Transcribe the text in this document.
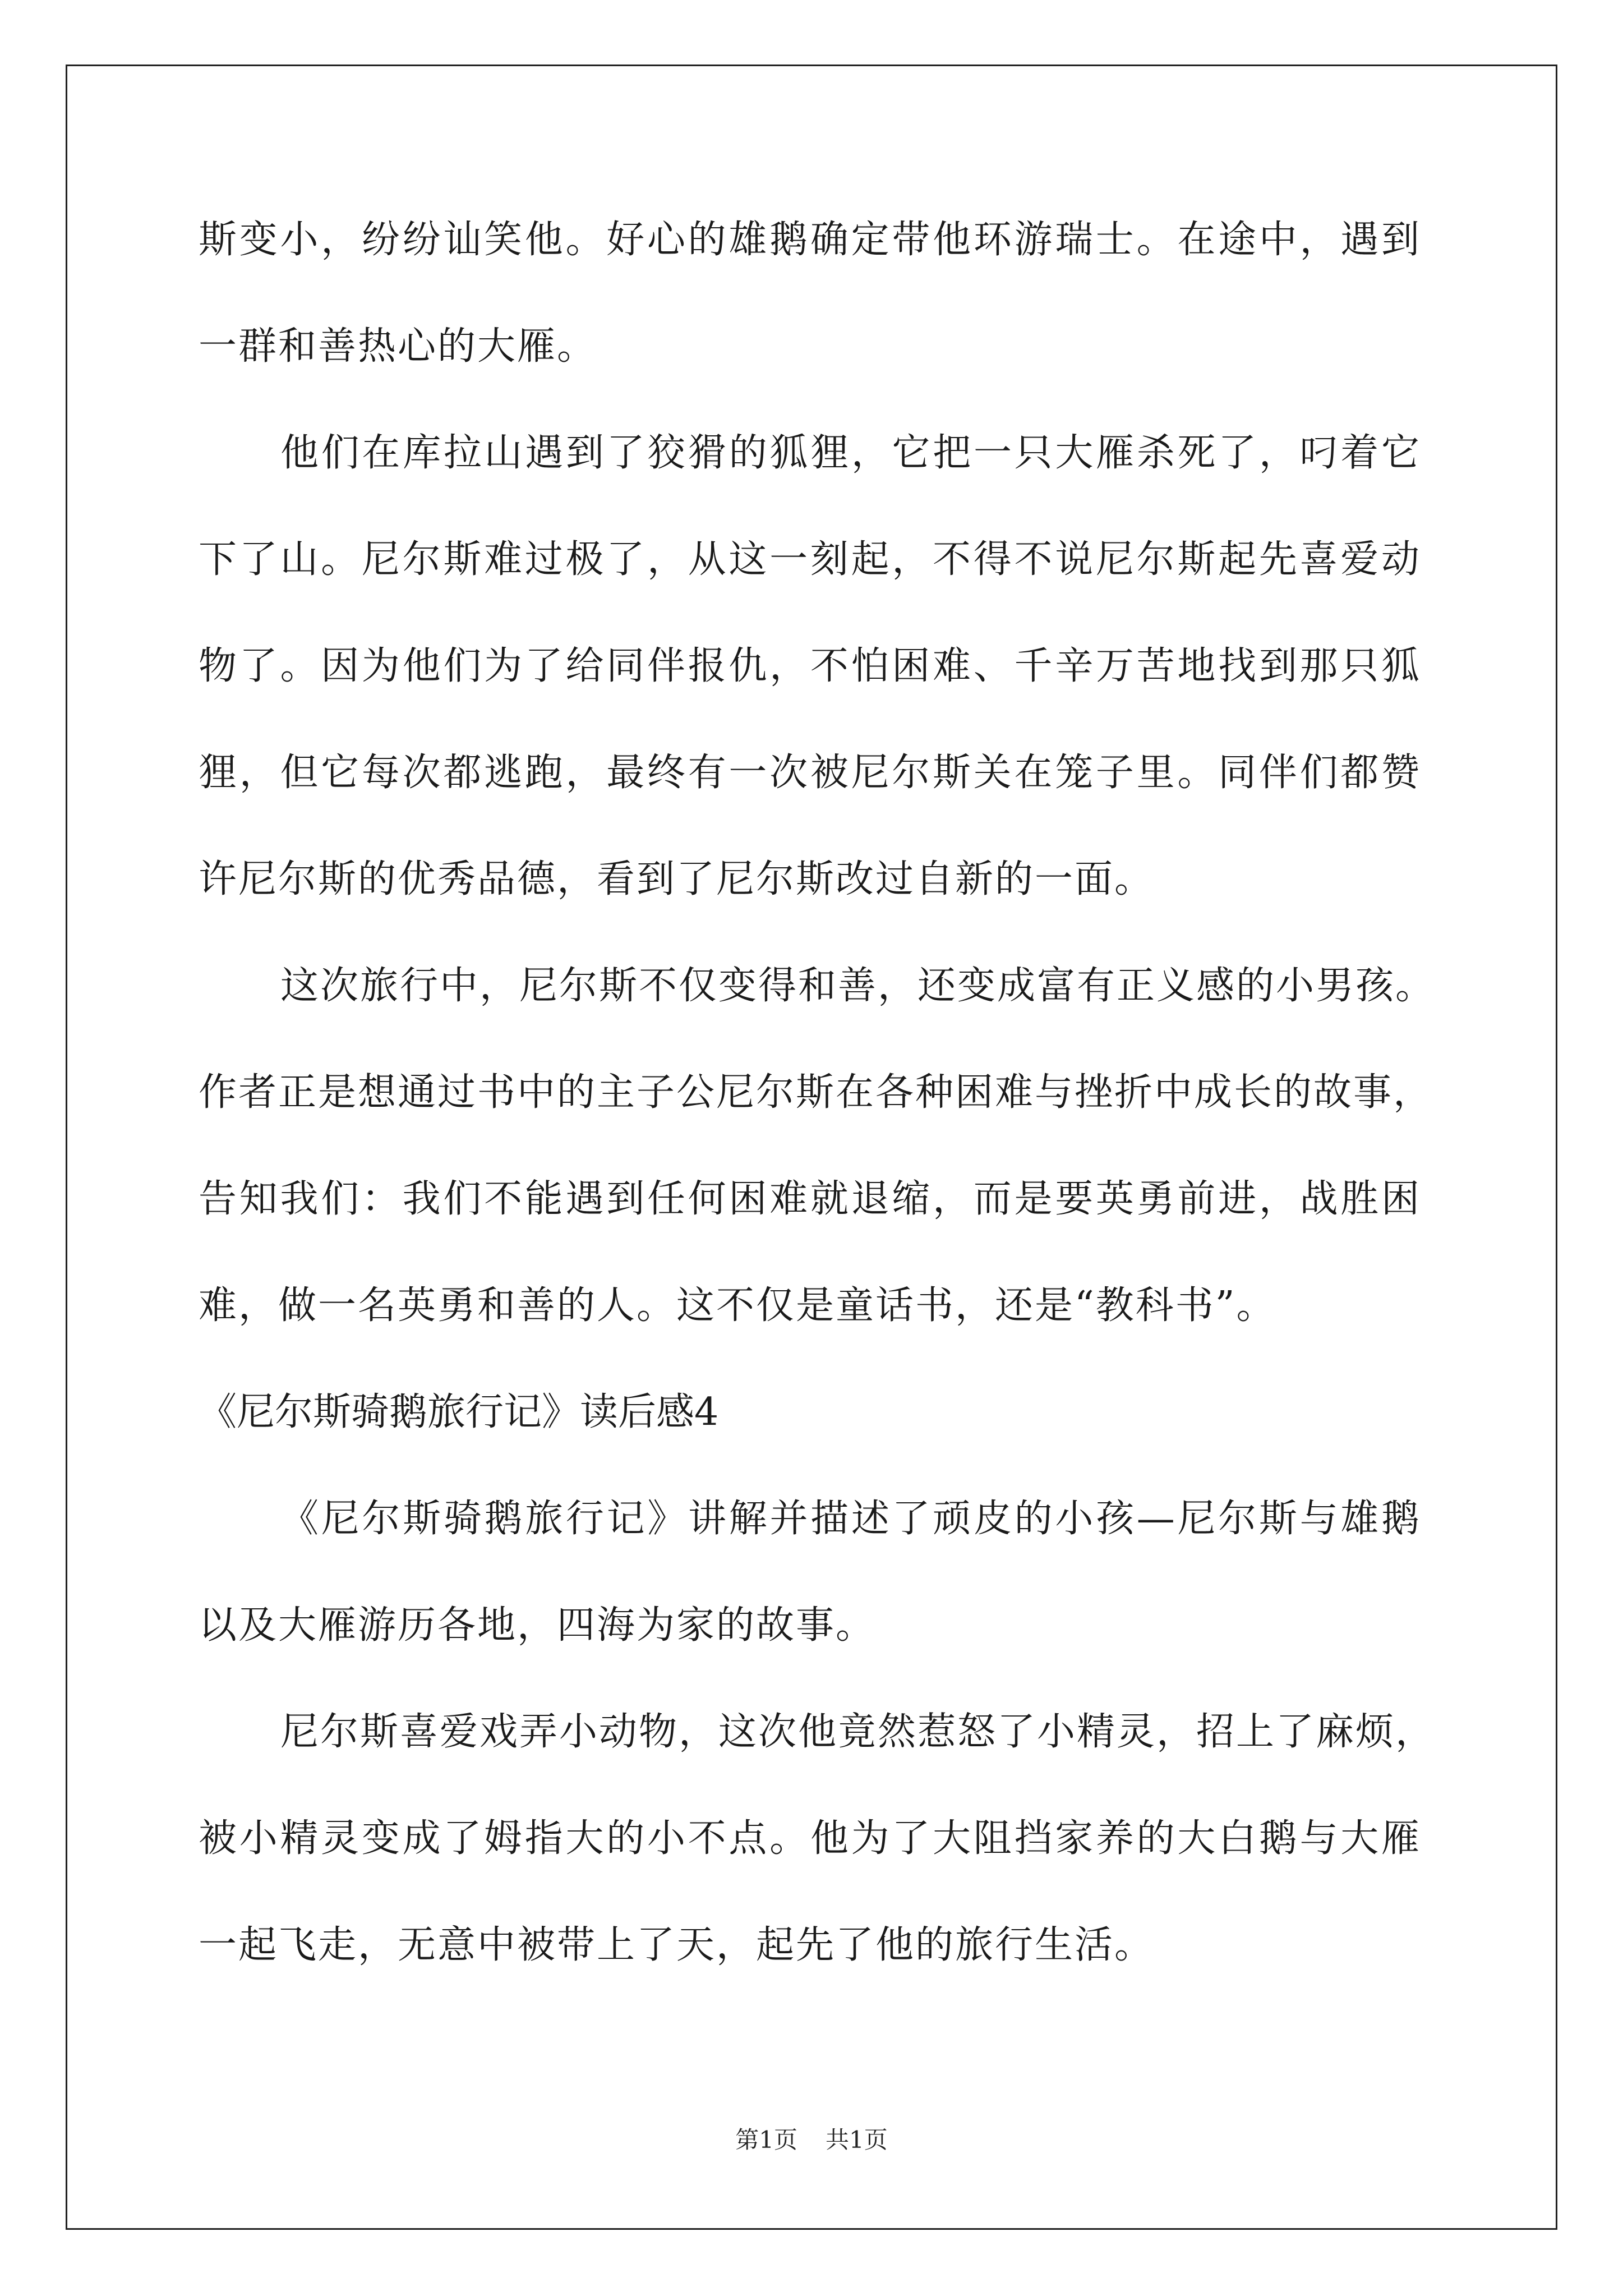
斯变小，纷纷讪笑他。好心的雄鹅确定带他环游瑞士。在途中，遇到
一群和善热心的大雁。
他们在库拉山遇到了狡猾的狐狸，它把一只大雁杀死了，叼着它
下了山。尼尔斯难过极了，从这一刻起，不得不说尼尔斯起先喜爱动
物了。因为他们为了给同伴报仇，不怕困难、千辛万苦地找到那只狐
狸，但它每次都逃跑，最终有一次被尼尔斯关在笼子里。同伴们都赞
许尼尔斯的优秀品德，看到了尼尔斯改过自新的一面。
这次旅行中，尼尔斯不仅变得和善，还变成富有正义感的小男孩。
作者正是想通过书中的主子公尼尔斯在各种困难与挫折中成长的故事，
告知我们：我们不能遇到任何困难就退缩，而是要英勇前进，战胜困
难，做一名英勇和善的人。这不仅是童话书，还是“教科书”。
《尼尔斯骑鹅旅行记》读后感4
《尼尔斯骑鹅旅行记》讲解并描述了顽皮的小孩—尼尔斯与雄鹅
以及大雁游历各地，四海为家的故事。
尼尔斯喜爱戏弄小动物，这次他竟然惹怒了小精灵，招上了麻烦，
被小精灵变成了姆指大的小不点。他为了大阻挡家养的大白鹅与大雁
一起飞走，无意中被带上了天，起先了他的旅行生活。
第1页 共1页
